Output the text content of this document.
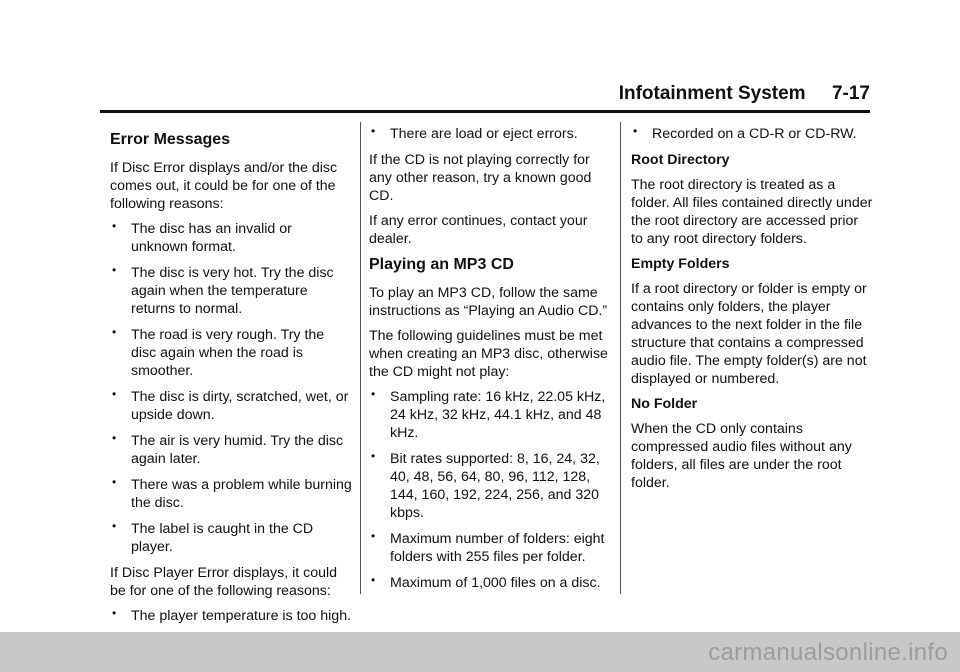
Infotainment System 7-17
Error Messages

If Disc Error displays and/or the disc comes out, it could be for one of the following reasons:

• The disc has an invalid or unknown format.
• The disc is very hot. Try the disc again when the temperature returns to normal.
• The road is very rough. Try the disc again when the road is smoother.
• The disc is dirty, scratched, wet, or upside down.
• The air is very humid. Try the disc again later.
• There was a problem while burning the disc.
• The label is caught in the CD player.

If Disc Player Error displays, it could be for one of the following reasons:

• The player temperature is too high.
• There are load or eject errors.

If the CD is not playing correctly for any other reason, try a known good CD.

If any error continues, contact your dealer.

Playing an MP3 CD

To play an MP3 CD, follow the same instructions as “Playing an Audio CD.”

The following guidelines must be met when creating an MP3 disc, otherwise the CD might not play:

• Sampling rate: 16 kHz, 22.05 kHz, 24 kHz, 32 kHz, 44.1 kHz, and 48 kHz.
• Bit rates supported: 8, 16, 24, 32, 40, 48, 56, 64, 80, 96, 112, 128, 144, 160, 192, 224, 256, and 320 kbps.
• Maximum number of folders: eight folders with 255 files per folder.
• Maximum of 1,000 files on a disc.
• Recorded on a CD-R or CD-RW.

Root Directory

The root directory is treated as a folder. All files contained directly under the root directory are accessed prior to any root directory folders.

Empty Folders

If a root directory or folder is empty or contains only folders, the player advances to the next folder in the file structure that contains a compressed audio file. The empty folder(s) are not displayed or numbered.

No Folder

When the CD only contains compressed audio files without any folders, all files are under the root folder.

carmanualsonline.info
